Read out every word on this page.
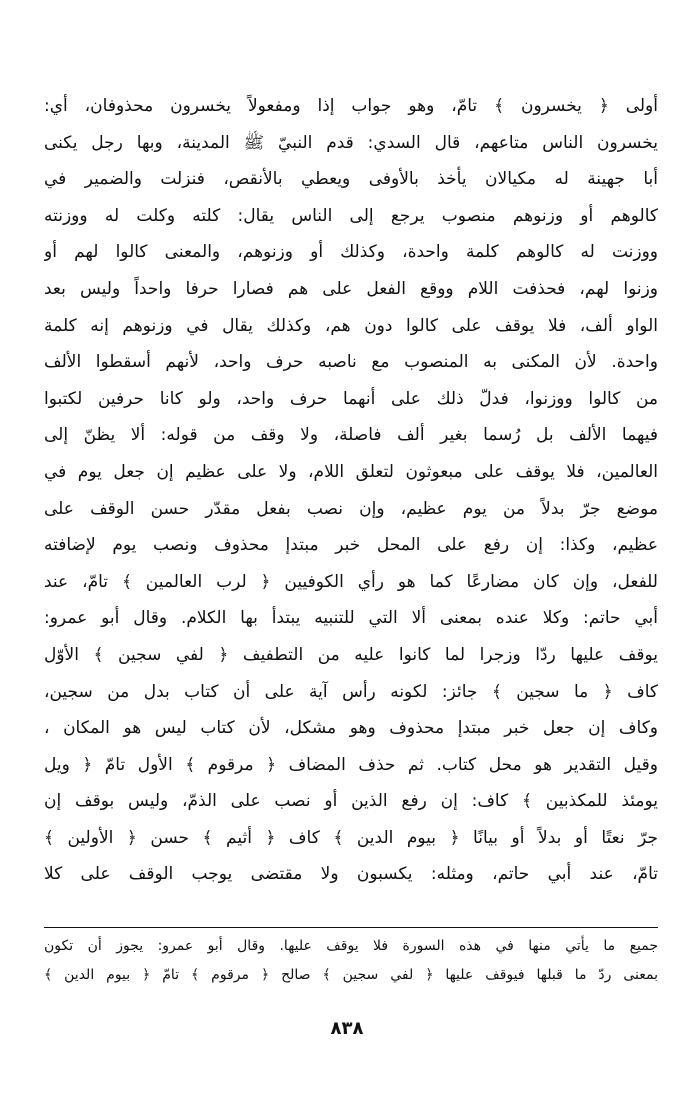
أولى ﴿ يخسرون ﴾ تامّ، وهو جواب إذا ومفعولاً يخسرون محذوفان، أي:
يخسرون الناس متاعهم، قال السدي: قدم النبيّ ﷺ المدينة، وبها رجل يكنى
أبا جهينة له مكيالان يأخذ بالأوفى ويعطي بالأنقص، فنزلت والضمير في
كالوهم أو وزنوهم منصوب يرجع إلى الناس يقال: كلته وكلت له ووزنته
ووزنت له كالوهم كلمة واحدة، وكذلك أو وزنوهم، والمعنى كالوا لهم أو
وزنوا لهم، فحذفت اللام ووقع الفعل على هم فصارا حرفا واحداً وليس بعد
الواو ألف، فلا يوقف على كالوا دون هم، وكذلك يقال في وزنوهم إنه كلمة
واحدة. لأن المكنى به المنصوب مع ناصبه حرف واحد، لأنهم أسقطوا الألف
من كالوا ووزنوا، فدلّ ذلك على أنهما حرف واحد، ولو كانا حرفين لكتبوا
فيهما الألف بل رُسما بغير ألف فاصلة، ولا وقف من قوله: ألا يظنّ إلى
العالمين، فلا يوقف على مبعوثون لتعلق اللام، ولا على عظيم إن جعل يوم في
موضع جرّ بدلاً من يوم عظيم، وإن نصب بفعل مقدّر حسن الوقف على
عظيم، وكذا: إن رفع على المحل خبر مبتدإ محذوف ونصب يوم لإضافته
للفعل، وإن كان مضارعًا كما هو رأي الكوفيين ﴿ لرب العالمين ﴾ تامّ، عند
أبي حاتم: وكلا عنده بمعنى ألا التي للتنبيه يبتدأ بها الكلام. وقال أبو عمرو:
يوقف عليها ردّا وزجرا لما كانوا عليه من التطفيف ﴿ لفي سجين ﴾ الأوّل
كاف ﴿ ما سجين ﴾ جائز: لكونه رأس آية على أن كتاب بدل من سجين،
وكاف إن جعل خبر مبتدإ محذوف وهو مشكل، لأن كتاب ليس هو المكان ،
وقيل التقدير هو محل كتاب. ثم حذف المضاف ﴿ مرقوم ﴾ الأول تامّ ﴿ ويل
يومئذ للمكذبين ﴾ كاف: إن رفع الذين أو نصب على الذمّ، وليس بوقف إن
جرّ نعتًا أو بدلاً أو بيانًا ﴿ بيوم الدين ﴾ كاف ﴿ أثيم ﴾ حسن ﴿ الأولين ﴾
تامّ، عند أبي حاتم، ومثله: يكسبون ولا مقتضى يوجب الوقف على كلا
جميع ما يأتي منها في هذه السورة فلا يوقف عليها. وقال أبو عمرو: يجوز أن تكون
بمعنى ردّ ما قبلها فيوقف عليها ﴿ لفي سجين ﴾ صالح ﴿ مرقوم ﴾ تامّ ﴿ بيوم الدين ﴾
٨٣٨
